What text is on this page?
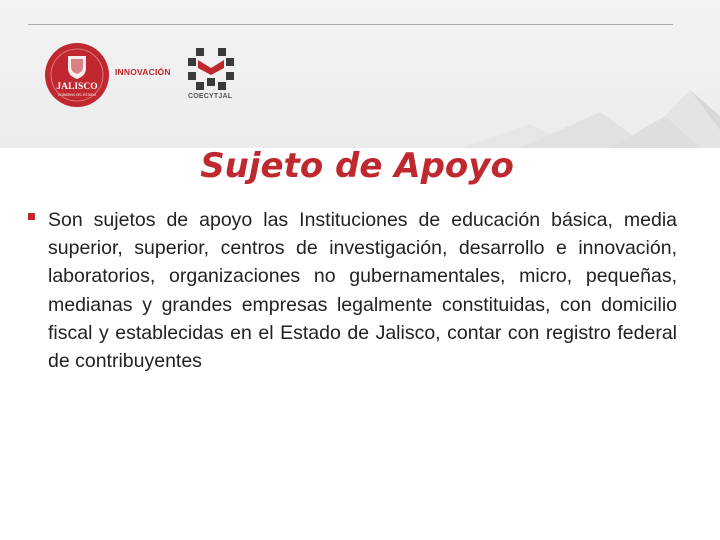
JALISCO
GOBIERNO DEL ESTADO
INNOVACIÓN
COECYTJAL
Sujeto de Apoyo

Son sujetos de apoyo las Instituciones de educación básica, media superior, superior, centros de investigación, desarrollo e innovación, laboratorios, organizaciones no gubernamentales, micro, pequeñas, medianas y grandes empresas legalmente constituidas, con domicilio fiscal y establecidas en el Estado de Jalisco, contar con registro federal de contribuyentes
